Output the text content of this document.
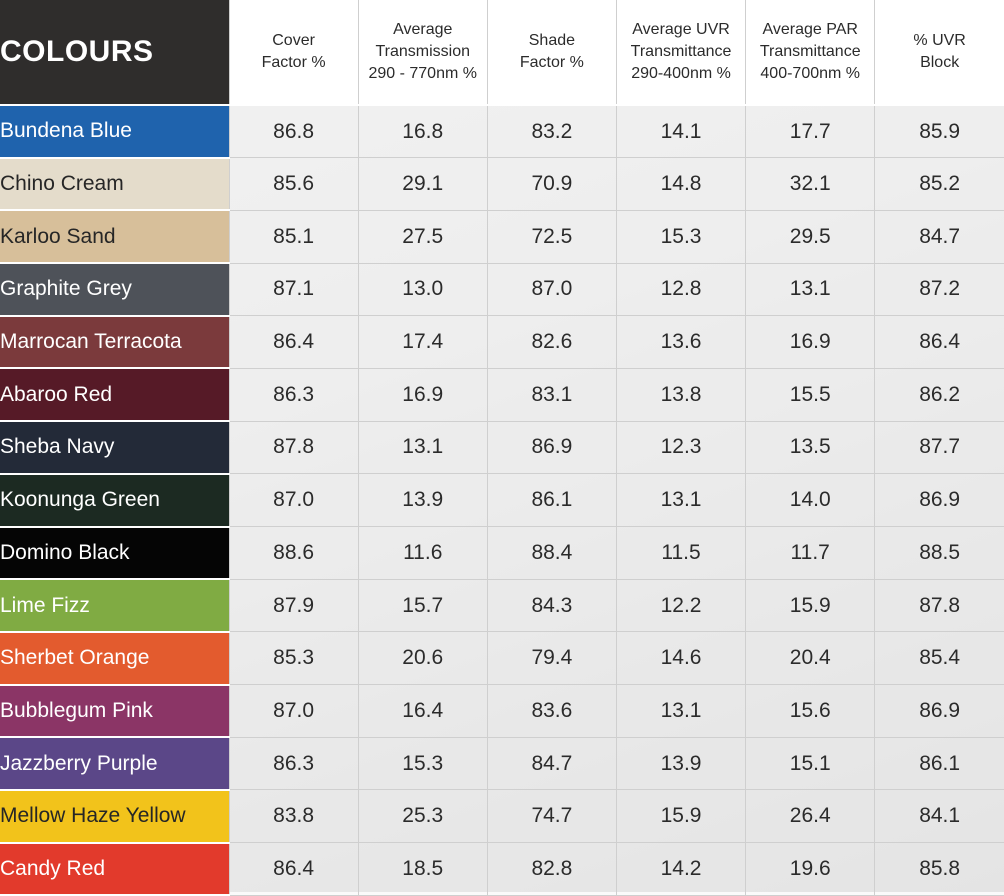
COLOURS	Cover
Factor %	Average
Transmission
290 - 770nm %	Shade
Factor %	Average UVR
Transmittance
290-400nm %	Average PAR
Transmittance
400-700nm %	% UVR
Block

Bundena Blue	86.8	16.8	83.2	14.1	17.7	85.9
Chino Cream	85.6	29.1	70.9	14.8	32.1	85.2
Karloo Sand	85.1	27.5	72.5	15.3	29.5	84.7
Graphite Grey	87.1	13.0	87.0	12.8	13.1	87.2
Marrocan Terracota	86.4	17.4	82.6	13.6	16.9	86.4
Abaroo Red	86.3	16.9	83.1	13.8	15.5	86.2
Sheba Navy	87.8	13.1	86.9	12.3	13.5	87.7
Koonunga Green	87.0	13.9	86.1	13.1	14.0	86.9
Domino Black	88.6	11.6	88.4	11.5	11.7	88.5
Lime Fizz	87.9	15.7	84.3	12.2	15.9	87.8
Sherbet Orange	85.3	20.6	79.4	14.6	20.4	85.4
Bubblegum Pink	87.0	16.4	83.6	13.1	15.6	86.9
Jazzberry Purple	86.3	15.3	84.7	13.9	15.1	86.1
Mellow Haze Yellow	83.8	25.3	74.7	15.9	26.4	84.1
Candy Red	86.4	18.5	82.8	14.2	19.6	85.8
